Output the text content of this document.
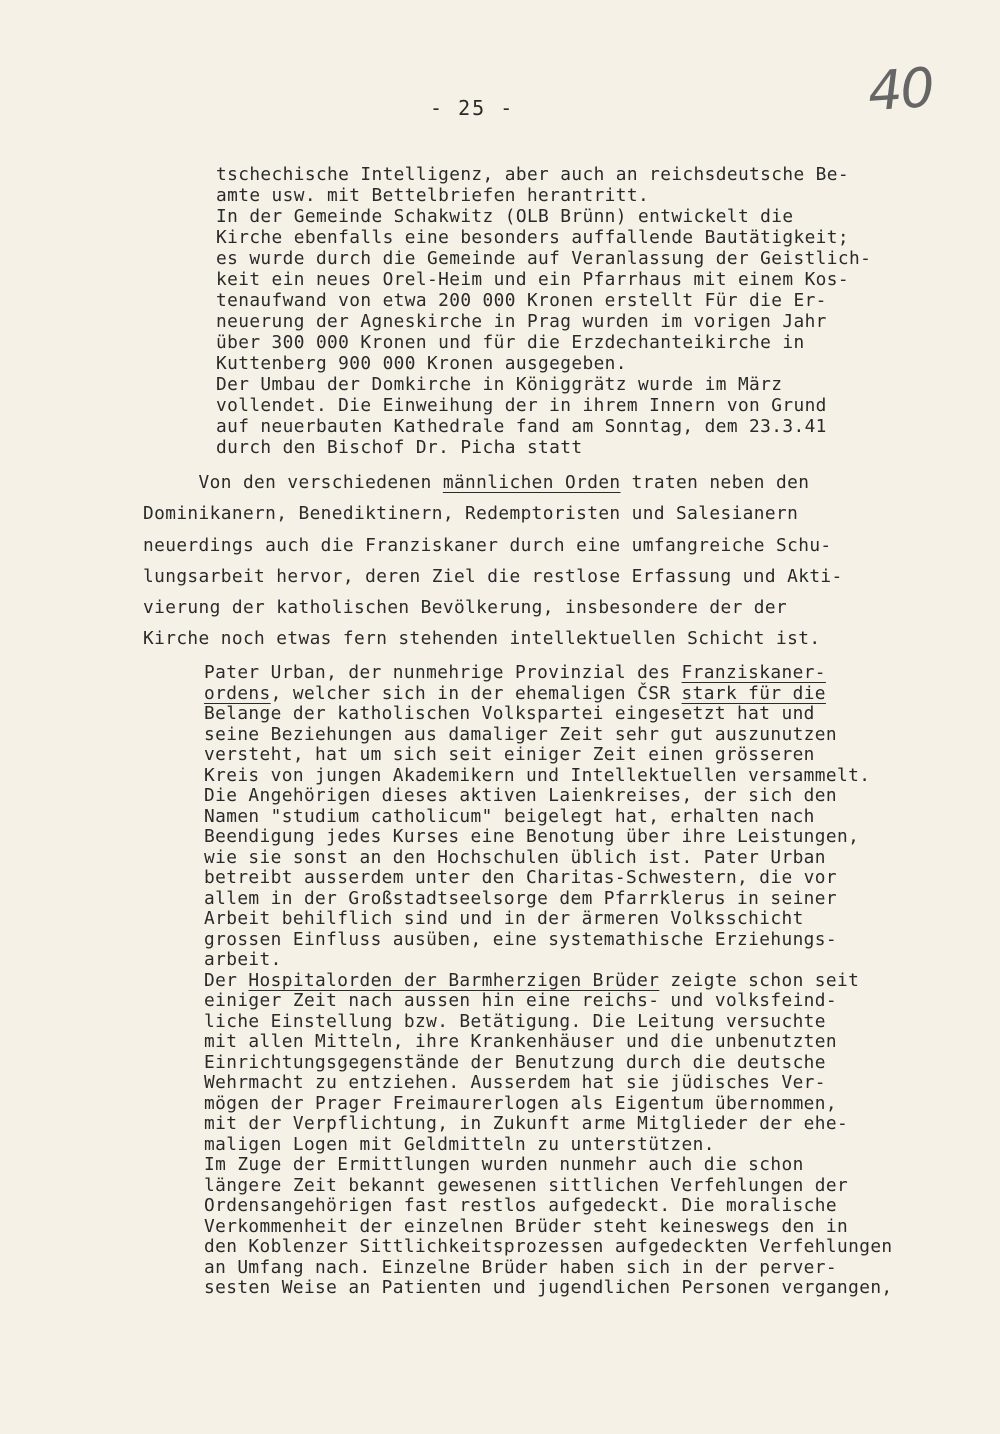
- 25 -	40
tschechische Intelligenz, aber auch an reichsdeutsche Be-
amte usw. mit Bettelbriefen herantritt.
In der Gemeinde Schakwitz (OLB Brünn) entwickelt die
Kirche ebenfalls eine besonders auffallende Bautätigkeit;
es wurde durch die Gemeinde auf Veranlassung der Geistlich-
keit ein neues Orel-Heim und ein Pfarrhaus mit einem Kos-
tenaufwand von etwa 200 000 Kronen erstellt Für die Er-
neuerung der Agneskirche in Prag wurden im vorigen Jahr
über 300 000 Kronen und für die Erzdechanteikirche in
Kuttenberg 900 000 Kronen ausgegeben.
Der Umbau der Domkirche in Königgrätz wurde im März
vollendet. Die Einweihung der in ihrem Innern von Grund
auf neuerbauten Kathedrale fand am Sonntag, dem 23.3.41
durch den Bischof Dr. Picha statt
Von den verschiedenen männlichen Orden traten neben den
Dominikanern, Benediktinern, Redemptoristen und Salesianern
neuerdings auch die Franziskaner durch eine umfangreiche Schu-
lungsarbeit hervor, deren Ziel die restlose Erfassung und Akti-
vierung der katholischen Bevölkerung, insbesondere der der
Kirche noch etwas fern stehenden intellektuellen Schicht ist.
Pater Urban, der nunmehrige Provinzial des Franziskaner-
ordens, welcher sich in der ehemaligen ČSR stark für die
Belange der katholischen Volkspartei eingesetzt hat und
seine Beziehungen aus damaliger Zeit sehr gut auszunutzen
versteht, hat um sich seit einiger Zeit einen grösseren
Kreis von jungen Akademikern und Intellektuellen versammelt.
Die Angehörigen dieses aktiven Laienkreises, der sich den
Namen "studium catholicum" beigelegt hat, erhalten nach
Beendigung jedes Kurses eine Benotung über ihre Leistungen,
wie sie sonst an den Hochschulen üblich ist. Pater Urban
betreibt ausserdem unter den Charitas-Schwestern, die vor
allem in der Großstadtseelsorge dem Pfarrklerus in seiner
Arbeit behilflich sind und in der ärmeren Volksschicht
grossen Einfluss ausüben, eine systemathische Erziehungs-
arbeit.
Der Hospitalorden der Barmherzigen Brüder zeigte schon seit
einiger Zeit nach aussen hin eine reichs- und volksfeind-
liche Einstellung bzw. Betätigung. Die Leitung versuchte
mit allen Mitteln, ihre Krankenhäuser und die unbenutzten
Einrichtungsgegenstände der Benutzung durch die deutsche
Wehrmacht zu entziehen. Ausserdem hat sie jüdisches Ver-
mögen der Prager Freimaurerlogen als Eigentum übernommen,
mit der Verpflichtung, in Zukunft arme Mitglieder der ehe-
maligen Logen mit Geldmitteln zu unterstützen.
Im Zuge der Ermittlungen wurden nunmehr auch die schon
längere Zeit bekannt gewesenen sittlichen Verfehlungen der
Ordensangehörigen fast restlos aufgedeckt. Die moralische
Verkommenheit der einzelnen Brüder steht keineswegs den in
den Koblenzer Sittlichkeitsprozessen aufgedeckten Verfehlungen
an Umfang nach. Einzelne Brüder haben sich in der perver-
sesten Weise an Patienten und jugendlichen Personen vergangen,
